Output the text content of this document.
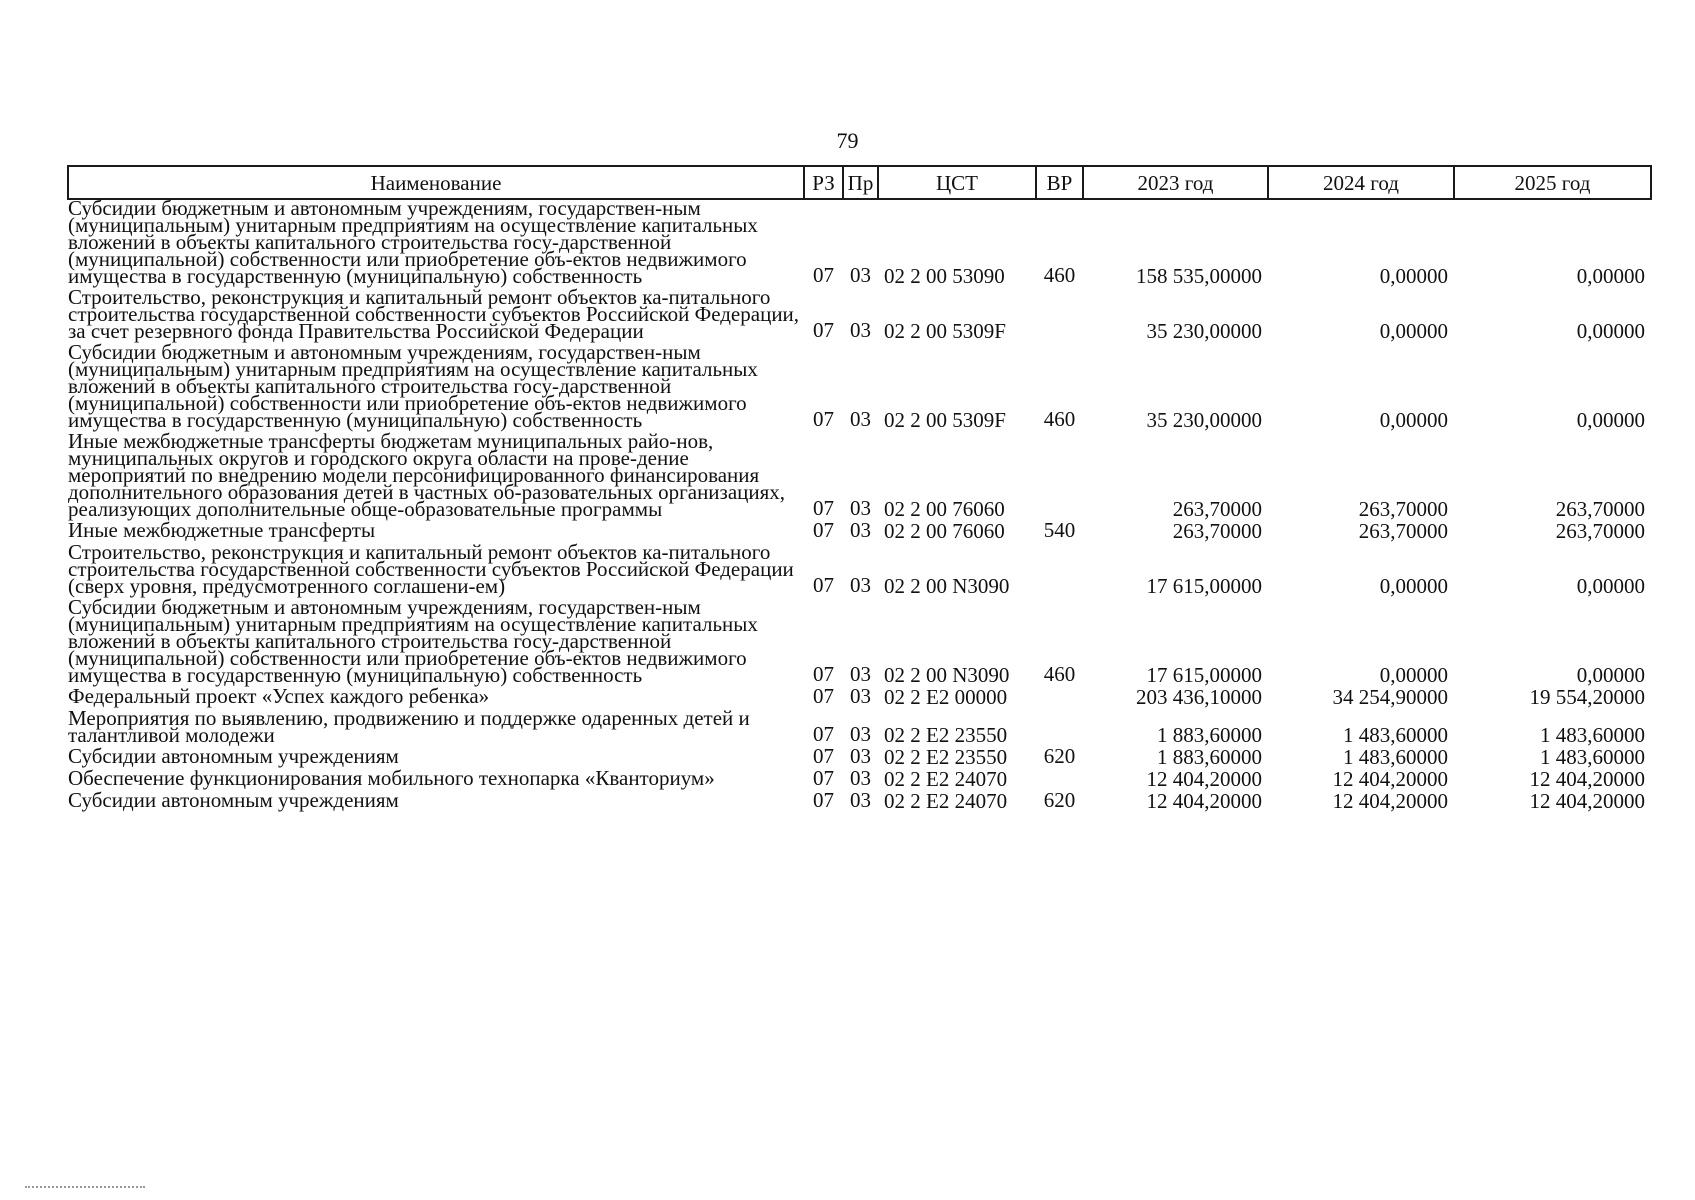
79
Наименование	РЗ	Пр	ЦСТ	ВР	2023 год	2024 год	2025 год
Субсидии бюджетным и автономным учреждениям, государствен-ным (муниципальным) унитарным предприятиям на осуществление капитальных вложений в объекты капитального строительства госу-дарственной (муниципальной) собственности или приобретение объ-ектов недвижимого имущества в государственную (муниципальную) собственность	07	03	02 2 00 53090	460	158 535,00000	0,00000	0,00000
Строительство, реконструкция и капитальный ремонт объектов ка-питального строительства государственной собственности субъектов Российской Федерации, за счет резервного фонда Правительства Российской Федерации	07	03	02 2 00 5309F		35 230,00000	0,00000	0,00000
Субсидии бюджетным и автономным учреждениям, государствен-ным (муниципальным) унитарным предприятиям на осуществление капитальных вложений в объекты капитального строительства госу-дарственной (муниципальной) собственности или приобретение объ-ектов недвижимого имущества в государственную (муниципальную) собственность	07	03	02 2 00 5309F	460	35 230,00000	0,00000	0,00000
Иные межбюджетные трансферты бюджетам муниципальных райо-нов, муниципальных округов и городского округа области на прове-дение мероприятий по внедрению модели персонифицированного финансирования дополнительного образования детей в частных об-разовательных организациях, реализующих дополнительные обще-образовательные программы	07	03	02 2 00 76060		263,70000	263,70000	263,70000
Иные межбюджетные трансферты	07	03	02 2 00 76060	540	263,70000	263,70000	263,70000
Строительство, реконструкция и капитальный ремонт объектов ка-питального строительства государственной собственности субъектов Российской Федерации (сверх уровня, предусмотренного соглашени-ем)	07	03	02 2 00 N3090		17 615,00000	0,00000	0,00000
Субсидии бюджетным и автономным учреждениям, государствен-ным (муниципальным) унитарным предприятиям на осуществление капитальных вложений в объекты капитального строительства госу-дарственной (муниципальной) собственности или приобретение объ-ектов недвижимого имущества в государственную (муниципальную) собственность	07	03	02 2 00 N3090	460	17 615,00000	0,00000	0,00000
Федеральный проект «Успех каждого ребенка»	07	03	02 2 E2 00000		203 436,10000	34 254,90000	19 554,20000
Мероприятия по выявлению, продвижению и поддержке одаренных детей и талантливой молодежи	07	03	02 2 E2 23550		1 883,60000	1 483,60000	1 483,60000
Субсидии автономным учреждениям	07	03	02 2 E2 23550	620	1 883,60000	1 483,60000	1 483,60000
Обеспечение функционирования мобильного технопарка «Кванториум»	07	03	02 2 E2 24070		12 404,20000	12 404,20000	12 404,20000
Субсидии автономным учреждениям	07	03	02 2 E2 24070	620	12 404,20000	12 404,20000	12 404,20000
